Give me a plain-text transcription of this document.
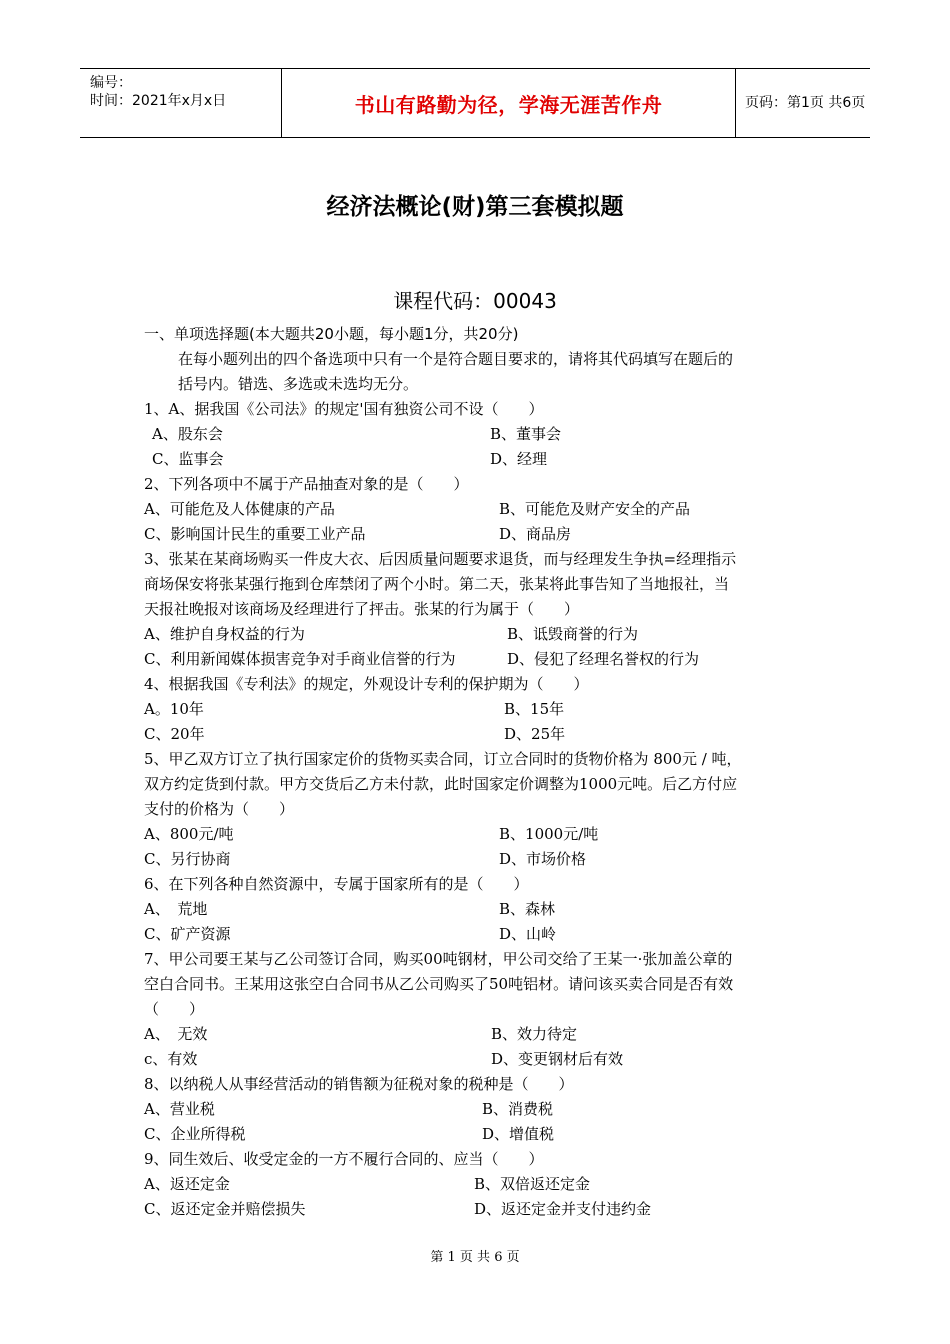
编号：
时间：2021年x月x日	书山有路勤为径，学海无涯苦作舟	页码：第1页 共6页
经济法概论(财)第三套模拟题
课程代码：00043
一、单项选择题(本大题共20小题，每小题1分，共20分)
在每小题列出的四个备选项中只有一个是符合题目要求的，请将其代码填写在题后的
括号内。错选、多选或未选均无分。
1、A、据我国《公司法》的规定'国有独资公司不设（　　）
A、股东会	B、董事会
C、监事会	D、经理
2、下列各项中不属于产品抽查对象的是（　　）
A、可能危及人体健康的产品	B、可能危及财产安全的产品
C、影响国计民生的重要工业产品	D、商品房
3、张某在某商场购买一件皮大衣、后因质量问题要求退货，而与经理发生争执=经理指示
商场保安将张某强行拖到仓库禁闭了两个小时。第二天，张某将此事告知了当地报社，当
天报社晚报对该商场及经理进行了抨击。张某的行为属于（　　）
A、维护自身权益的行为	B、诋毁商誉的行为
C、利用新闻媒体损害竞争对手商业信誉的行为	D、侵犯了经理名誉权的行为
4、根据我国《专利法》的规定，外观设计专利的保护期为（　　）
A。10年	B、15年
C、20年	D、25年
5、甲乙双方订立了执行国家定价的货物买卖合同，订立合同时的货物价格为 800元 / 吨，
双方约定货到付款。甲方交货后乙方未付款，此时国家定价调整为1000元吨。后乙方付应
支付的价格为（　　）
A、800元/吨	B、1000元/吨
C、另行协商	D、市场价格
6、在下列各种自然资源中，专属于国家所有的是（　　）
A、　荒地	B、森林
C、矿产资源	D、山岭
7、甲公司要王某与乙公司签订合同，购买00吨钢材，甲公司交给了王某一·张加盖公章的
空白合同书。王某用这张空白合同书从乙公司购买了50吨铝材。请问该买卖合同是否有效
（　　）
A、　无效	B、效力待定
c、有效	D、变更钢材后有效
8、以纳税人从事经营活动的销售额为征税对象的税种是（　　）
A、营业税	B、消费税
C、企业所得税	D、增值税
9、同生效后、收受定金的一方不履行合同的、应当（　　）
A、返还定金	B、双倍返还定金
C、返还定金并赔偿损失	D、返还定金并支付违约金
第 1 页 共 6 页
